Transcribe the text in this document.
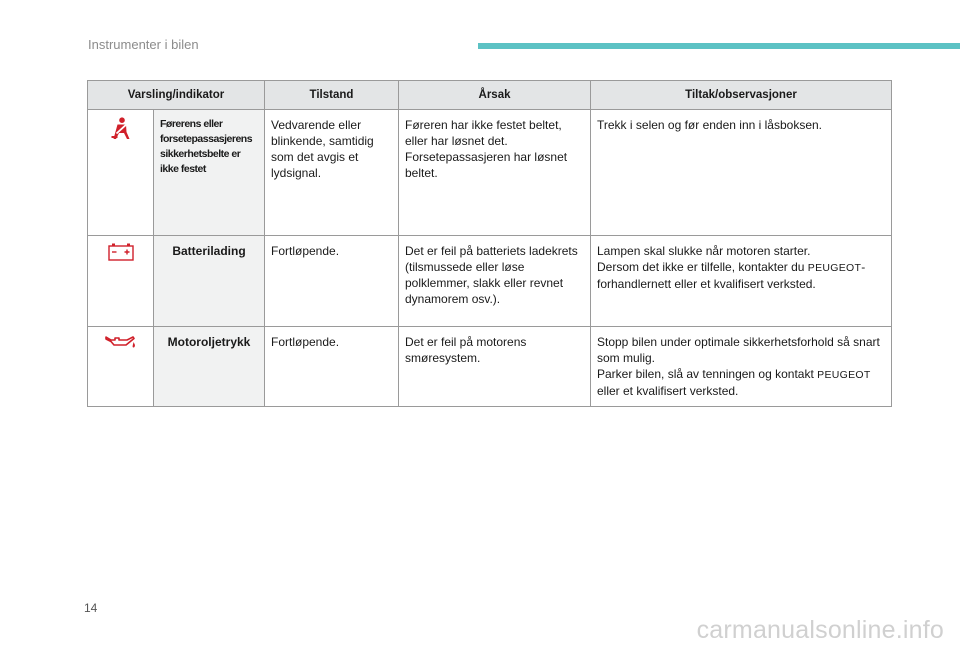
Instrumenter i bilen
Varsling/indikator		Tilstand	Årsak	Tiltak/observasjoner
	Førerens eller forsetepassasjerens sikkerhetsbelte er ikke festet	Vedvarende eller blinkende, samtidig som det avgis et lydsignal.	Føreren har ikke festet beltet, eller har løsnet det. Forsetepassasjeren har løsnet beltet.	Trekk i selen og før enden inn i låsboksen.
	Batterilading	Fortløpende.	Det er feil på batteriets ladekrets (tilsmussede eller løse polklemmer, slakk eller revnet dynamorem osv.).	Lampen skal slukke når motoren starter.
Dersom det ikke er tilfelle, kontakter du PEUGEOT-forhandlernett eller et kvalifisert verksted.
	Motoroljetrykk	Fortløpende.	Det er feil på motorens smøresystem.	Stopp bilen under optimale sikkerhetsforhold så snart som mulig.
Parker bilen, slå av tenningen og kontakt PEUGEOT eller et kvalifisert verksted.
14
carmanualsonline.info
